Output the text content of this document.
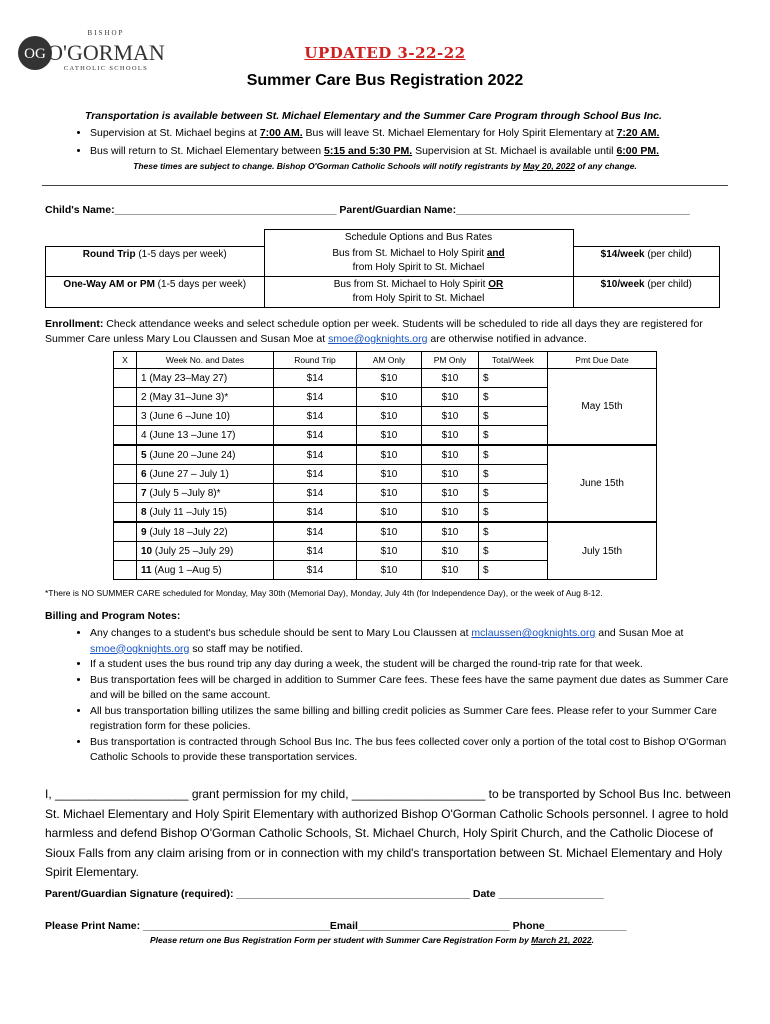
OG
BISHOP
O'GORMAN
CATHOLIC SCHOOLS
UPDATED 3-22-22
Summer Care Bus Registration 2022
Transportation is available between St. Michael Elementary and the Summer Care Program through School Bus Inc.
• Supervision at St. Michael begins at 7:00 AM. Bus will leave St. Michael Elementary for Holy Spirit Elementary at 7:20 AM.
• Bus will return to St. Michael Elementary between 5:15 and 5:30 PM. Supervision at St. Michael is available until 6:00 PM.
These times are subject to change. Bishop O'Gorman Catholic Schools will notify registrants by May 20, 2022 of any change.
Child's Name:______________________________________ Parent/Guardian Name:________________________________________
	Schedule Options and Bus Rates	
Round Trip (1-5 days per week)	Bus from St. Michael to Holy Spirit and
from Holy Spirit to St. Michael	$14/week (per child)
One-Way AM or PM (1-5 days per week)	Bus from St. Michael to Holy Spirit OR
from Holy Spirit to St. Michael	$10/week (per child)
Enrollment: Check attendance weeks and select schedule option per week. Students will be scheduled to ride all days they are registered for Summer Care unless Mary Lou Claussen and Susan Moe at smoe@ogknights.org are otherwise notified in advance.
X	Week No. and Dates	Round Trip	AM Only	PM Only	Total/Week	Pmt Due Date
	1 (May 23–May 27)	$14	$10	$10	$	May 15th
	2 (May 31–June 3)*	$14	$10	$10	$	
	3 (June 6 –June 10)	$14	$10	$10	$	
	4 (June 13 –June 17)	$14	$10	$10	$	
	5 (June 20 –June 24)	$14	$10	$10	$	June 15th
	6 (June 27 – July 1)	$14	$10	$10	$	
	7 (July 5 –July 8)*	$14	$10	$10	$	
	8 (July 11 –July 15)	$14	$10	$10	$	
	9 (July 18 –July 22)	$14	$10	$10	$	July 15th
	10 (July 25 –July 29)	$14	$10	$10	$	
	11 (Aug 1 –Aug 5)	$14	$10	$10	$	
*There is NO SUMMER CARE scheduled for Monday, May 30th (Memorial Day), Monday, July 4th (for Independence Day), or the week of Aug 8-12.
Billing and Program Notes:
• Any changes to a student's bus schedule should be sent to Mary Lou Claussen at mclaussen@ogknights.org and Susan Moe at smoe@ogknights.org so staff may be notified.
• If a student uses the bus round trip any day during a week, the student will be charged the round-trip rate for that week.
• Bus transportation fees will be charged in addition to Summer Care fees. These fees have the same payment due dates as Summer Care and will be billed on the same account.
• All bus transportation billing utilizes the same billing and billing credit policies as Summer Care fees. Please refer to your Summer Care registration form for these policies.
• Bus transportation is contracted through School Bus Inc. The bus fees collected cover only a portion of the total cost to Bishop O'Gorman Catholic Schools to provide these transportation services.
I, ____________________ grant permission for my child, ____________________ to be transported by School Bus Inc. between St. Michael Elementary and Holy Spirit Elementary with authorized Bishop O'Gorman Catholic Schools personnel. I agree to hold harmless and defend Bishop O'Gorman Catholic Schools, St. Michael Church, Holy Spirit Church, and the Catholic Diocese of Sioux Falls from any claim arising from or in connection with my child's transportation between St. Michael Elementary and Holy Spirit Elementary.
Parent/Guardian Signature (required): ________________________________________ Date __________________
Please Print Name: ________________________________Email__________________________ Phone______________
Please return one Bus Registration Form per student with Summer Care Registration Form by March 21, 2022.
